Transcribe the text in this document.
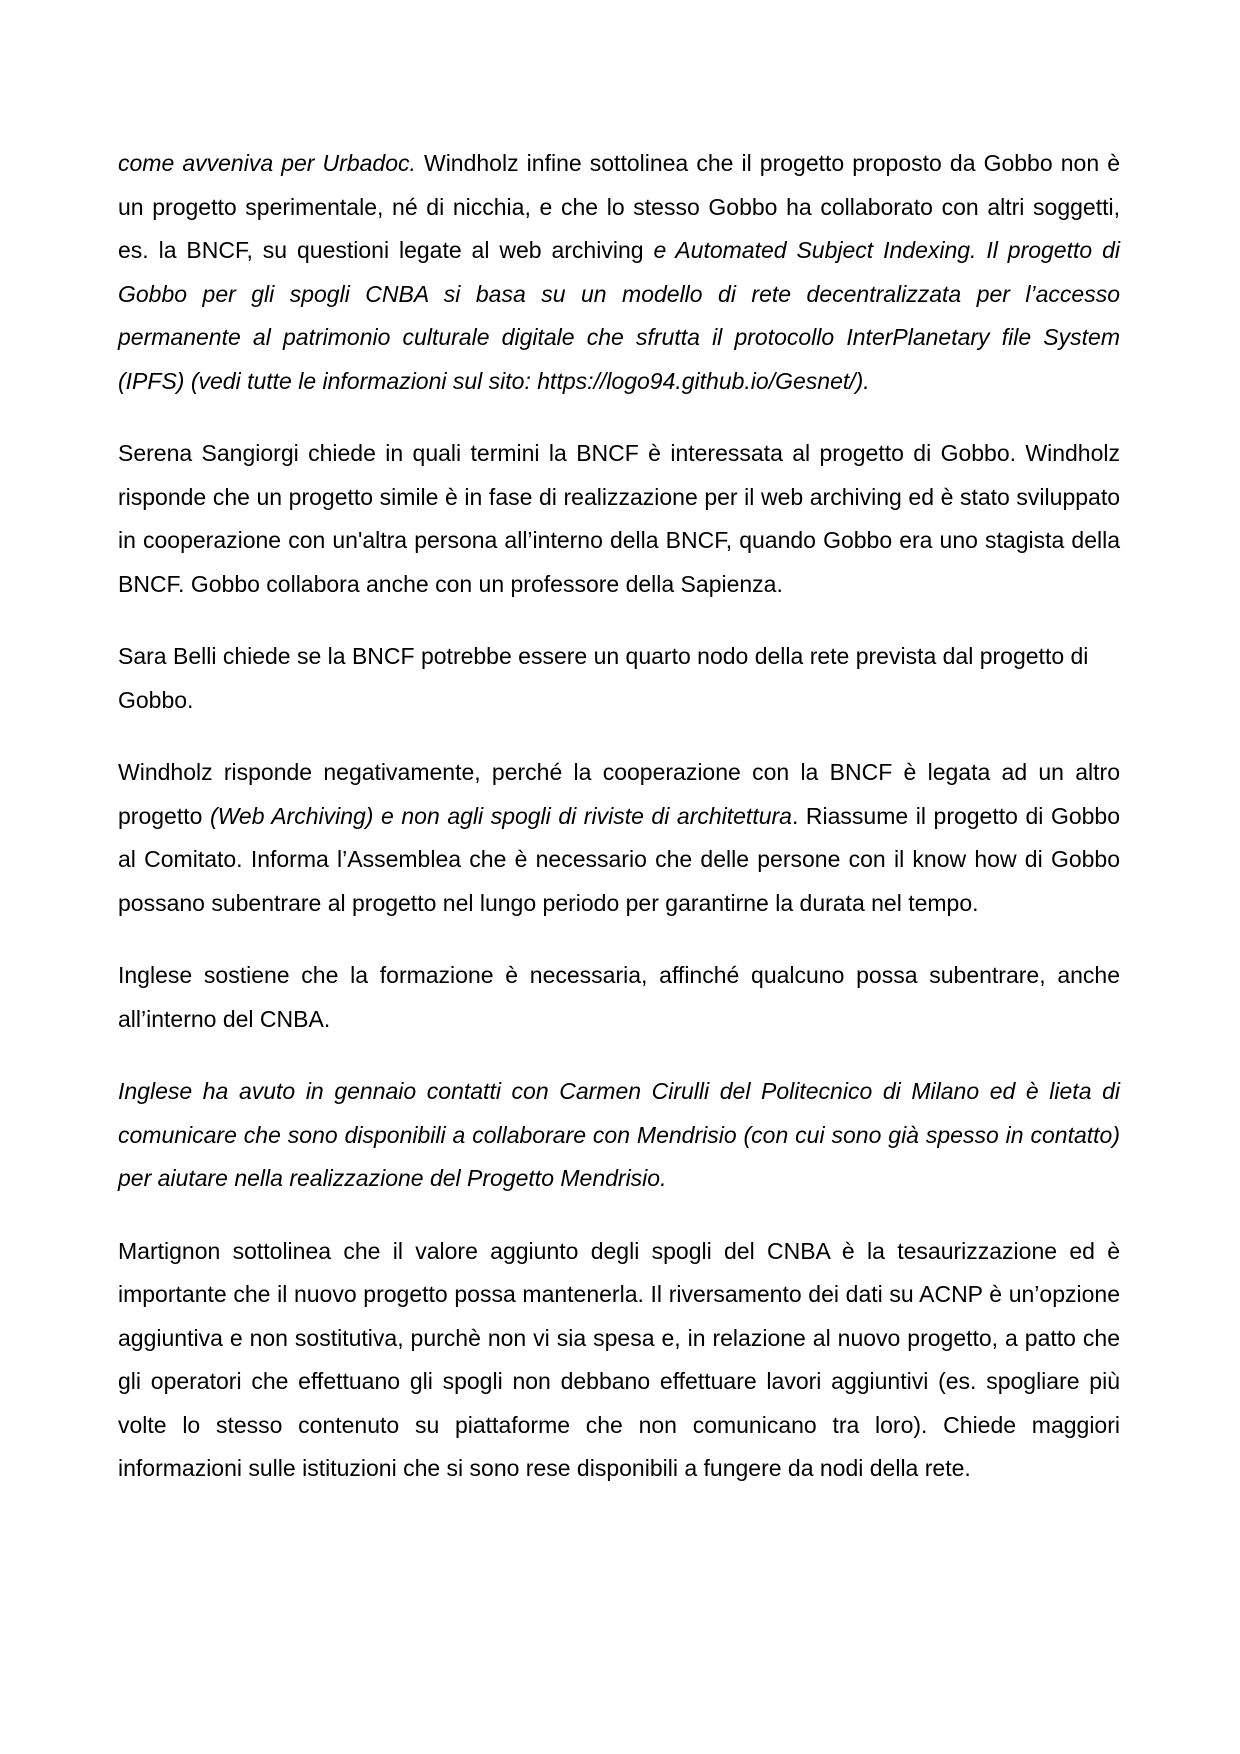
come avveniva per Urbadoc. Windholz infine sottolinea che il progetto proposto da Gobbo non è un progetto sperimentale, né di nicchia, e che lo stesso Gobbo ha collaborato con altri soggetti, es. la BNCF, su questioni legate al web archiving e Automated Subject Indexing. Il progetto di Gobbo per gli spogli CNBA si basa su un modello di rete decentralizzata per l’accesso permanente al patrimonio culturale digitale che sfrutta il protocollo InterPlanetary file System (IPFS) (vedi tutte le informazioni sul sito: https://logo94.github.io/Gesnet/).

Serena Sangiorgi chiede in quali termini la BNCF è interessata al progetto di Gobbo. Windholz risponde che un progetto simile è in fase di realizzazione per il web archiving ed è stato sviluppato in cooperazione con un'altra persona all’interno della BNCF, quando Gobbo era uno stagista della BNCF. Gobbo collabora anche con un professore della Sapienza.

Sara Belli chiede se la BNCF potrebbe essere un quarto nodo della rete prevista dal progetto di Gobbo.

Windholz risponde negativamente, perché la cooperazione con la BNCF è legata ad un altro progetto (Web Archiving) e non agli spogli di riviste di architettura. Riassume il progetto di Gobbo al Comitato. Informa l’Assemblea che è necessario che delle persone con il know how di Gobbo possano subentrare al progetto nel lungo periodo per garantirne la durata nel tempo.

Inglese sostiene che la formazione è necessaria, affinché qualcuno possa subentrare, anche all’interno del CNBA.

Inglese ha avuto in gennaio contatti con Carmen Cirulli del Politecnico di Milano ed è lieta di comunicare che sono disponibili a collaborare con Mendrisio (con cui sono già spesso in contatto) per aiutare nella realizzazione del Progetto Mendrisio.

Martignon sottolinea che il valore aggiunto degli spogli del CNBA è la tesaurizzazione ed è importante che il nuovo progetto possa mantenerla. Il riversamento dei dati su ACNP è un’opzione aggiuntiva e non sostitutiva, purchè non vi sia spesa e, in relazione al nuovo progetto, a patto che gli operatori che effettuano gli spogli non debbano effettuare lavori aggiuntivi (es. spogliare più volte lo stesso contenuto su piattaforme che non comunicano tra loro). Chiede maggiori informazioni sulle istituzioni che si sono rese disponibili a fungere da nodi della rete.
